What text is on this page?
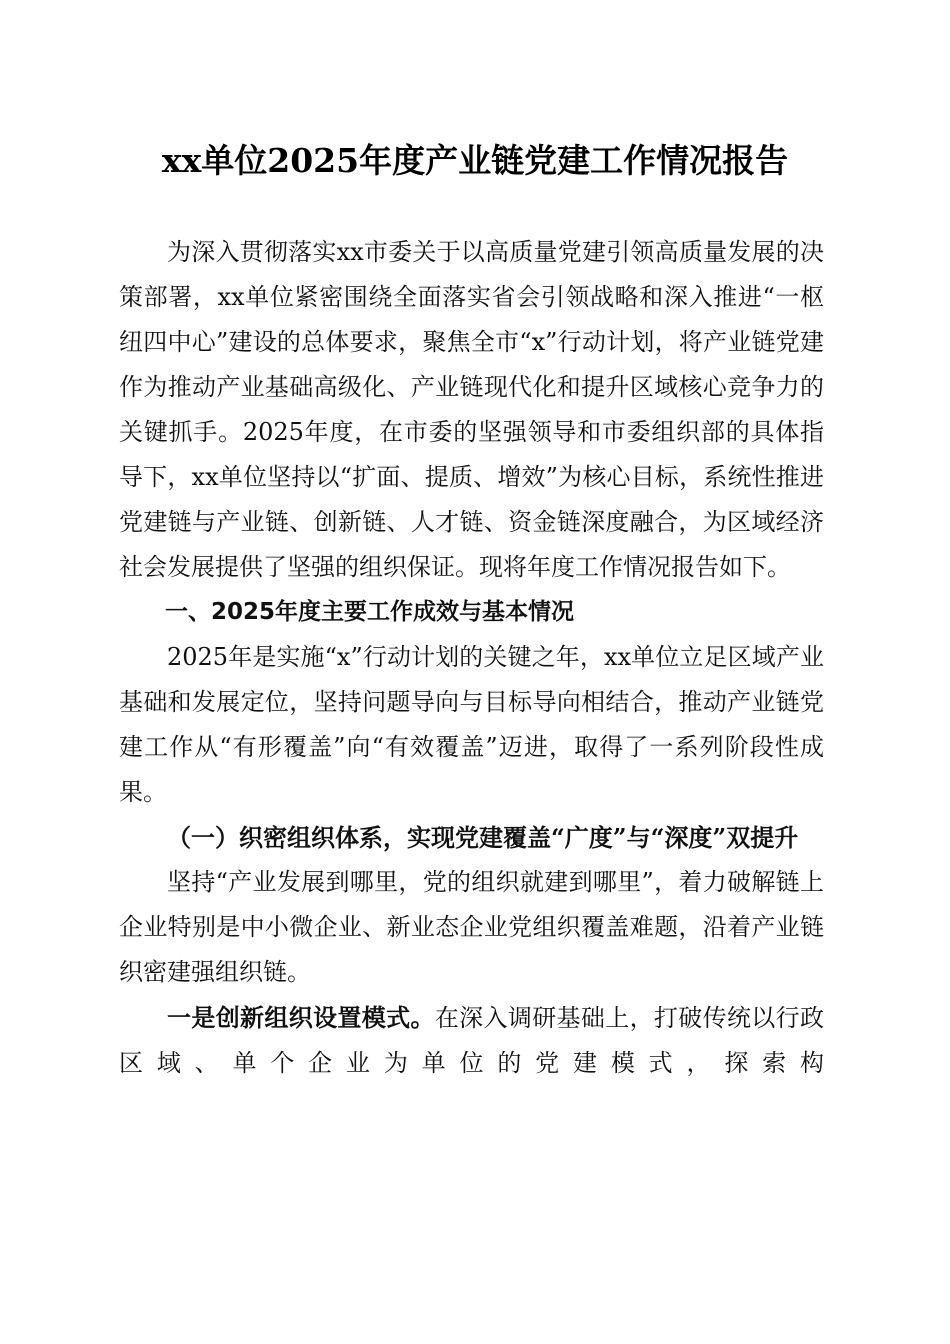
xx单位2025年度产业链党建工作情况报告

为深入贯彻落实xx市委关于以高质量党建引领高质量发展的决策部署，xx单位紧密围绕全面落实省会引领战略和深入推进“一枢纽四中心”建设的总体要求，聚焦全市“x”行动计划，将产业链党建作为推动产业基础高级化、产业链现代化和提升区域核心竞争力的关键抓手。2025年度，在市委的坚强领导和市委组织部的具体指导下，xx单位坚持以“扩面、提质、增效”为核心目标，系统性推进党建链与产业链、创新链、人才链、资金链深度融合，为区域经济社会发展提供了坚强的组织保证。现将年度工作情况报告如下。

一、2025年度主要工作成效与基本情况

2025年是实施“x”行动计划的关键之年，xx单位立足区域产业基础和发展定位，坚持问题导向与目标导向相结合，推动产业链党建工作从“有形覆盖”向“有效覆盖”迈进，取得了一系列阶段性成果。

（一）织密组织体系，实现党建覆盖“广度”与“深度”双提升

坚持“产业发展到哪里，党的组织就建到哪里”，着力破解链上企业特别是中小微企业、新业态企业党组织覆盖难题，沿着产业链织密建强组织链。

一是创新组织设置模式。在深入调研基础上，打破传统以行政区域、单个企业为单位的党建模式，探索构
